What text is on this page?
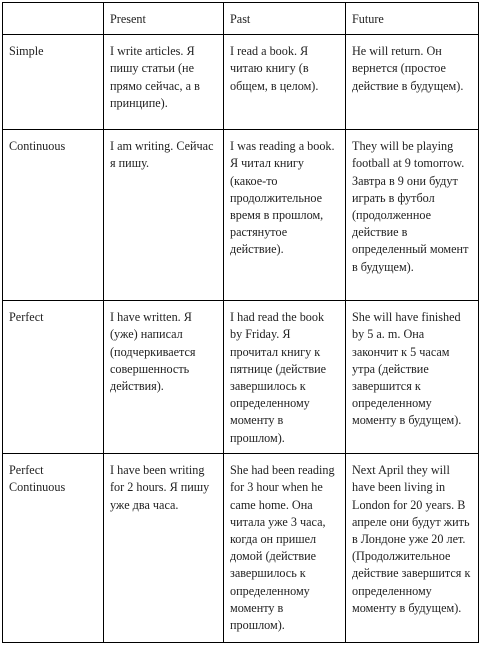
	Present	Past	Future
Simple	I write articles. Я пишу статьи (не прямо сейчас, а в принципе).	I read a book. Я читаю книгу (в общем, в целом).	He will return. Он вернется (простое действие в будущем).
Continuous	I am writing. Сейчас я пишу.	I was reading a book. Я читал книгу (какое-то продолжительное время в прошлом, растянутое действие).	They will be playing football at 9 tomorrow. Завтра в 9 они будут играть в футбол (продолженное действие в определенный момент в будущем).
Perfect	I have written. Я (уже) написал (подчеркивается совершенность действия).	I had read the book by Friday. Я прочитал книгу к пятнице (действие завершилось к определенному моменту в прошлом).	She will have finished by 5 a. m. Она закончит к 5 часам утра (действие завершится к определенному моменту в будущем).
Perfect Continuous	I have been writing for 2 hours. Я пишу уже два часа.	She had been reading for 3 hour when he came home. Она читала уже 3 часа, когда он пришел домой (действие завершилось к определенному моменту в прошлом).	Next April they will have been living in London for 20 years. В апреле они будут жить в Лондоне уже 20 лет. (Продолжительное действие завершится к определенному моменту в будущем).
